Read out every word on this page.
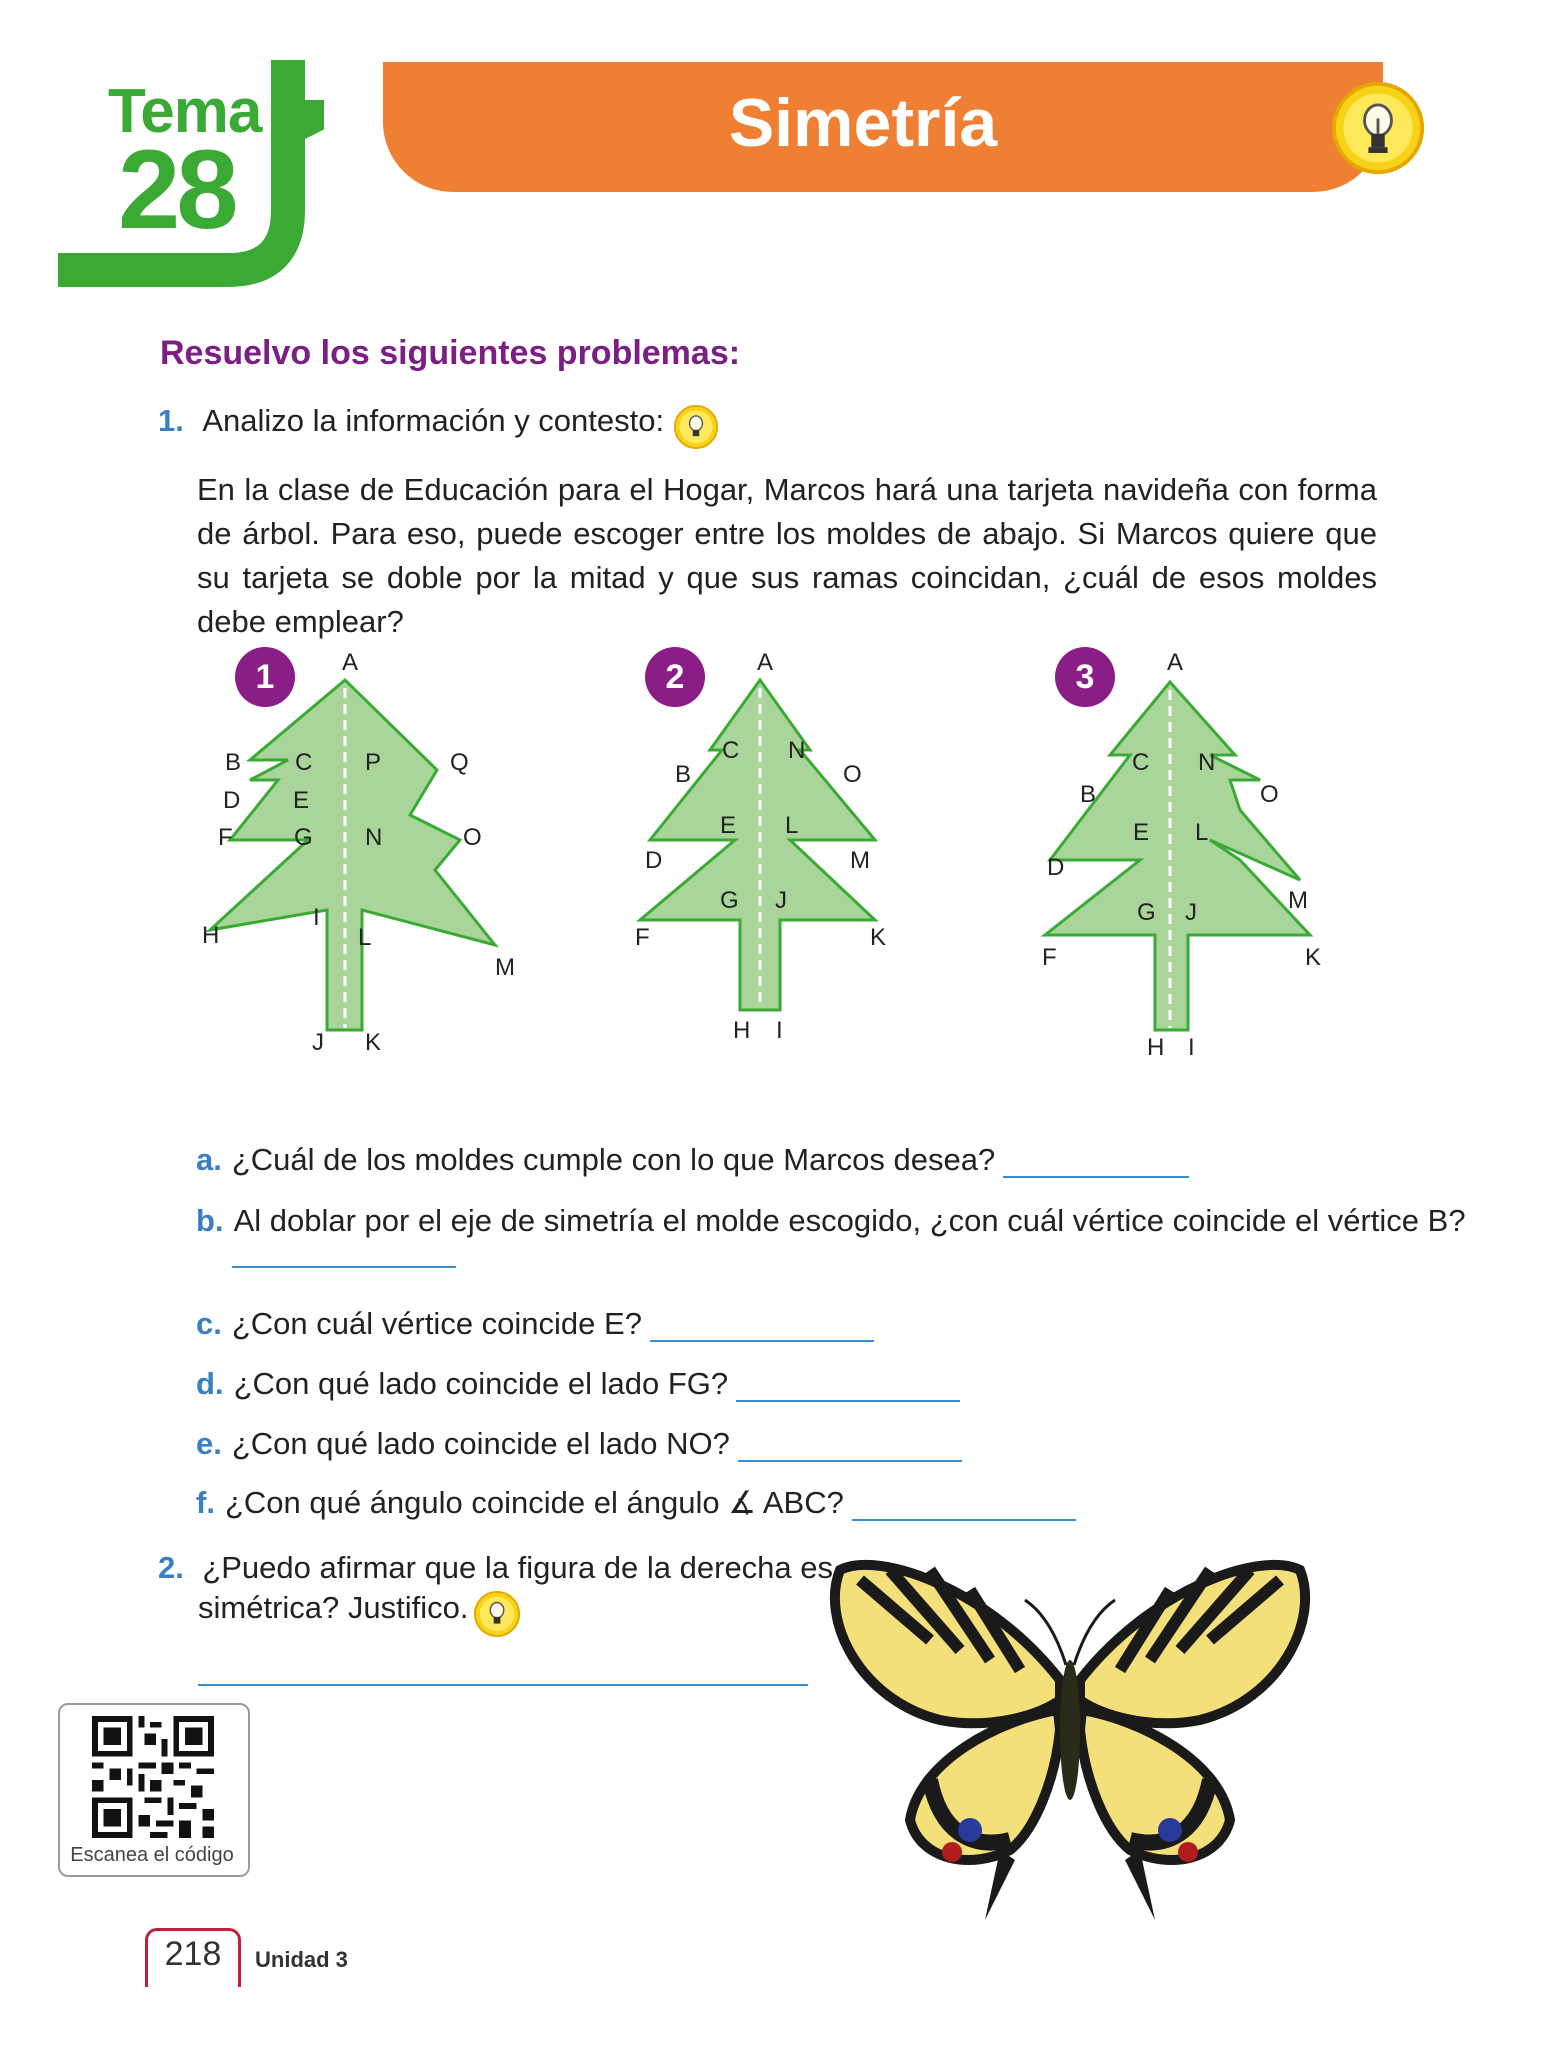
Tema
28
Simetría
Resuelvo los siguientes problemas:
1. Analizo la información y contesto:
En la clase de Educación para el Hogar, Marcos hará una tarjeta navideña con forma de árbol. Para eso, puede escoger entre los moldes de abajo. Si Marcos quiere que su tarjeta se doble por la mitad y que sus ramas coincidan, ¿cuál de esos moldes debe emplear?
1	A
B C P	Q
D E
F	G N	O
H
I
L
M
J K
2	A
C N
B	O
E L
D	M
G J
F	K
H I
3	A
C N
B	O
E L
D
M
G J
F	K
H I
a. ¿Cuál de los moldes cumple con lo que Marcos desea?
b. Al doblar por el eje de simetría el molde escogido, ¿con cuál vértice coincide el vértice B?
c. ¿Con cuál vértice coincide E?
d. ¿Con qué lado coincide el lado FG?
e. ¿Con qué lado coincide el lado NO?
f. ¿Con qué ángulo coincide el ángulo ∡ ABC?
2. ¿Puedo afirmar que la figura de la derecha es
simétrica? Justifico.
Escanea el código
218	Unidad 3
